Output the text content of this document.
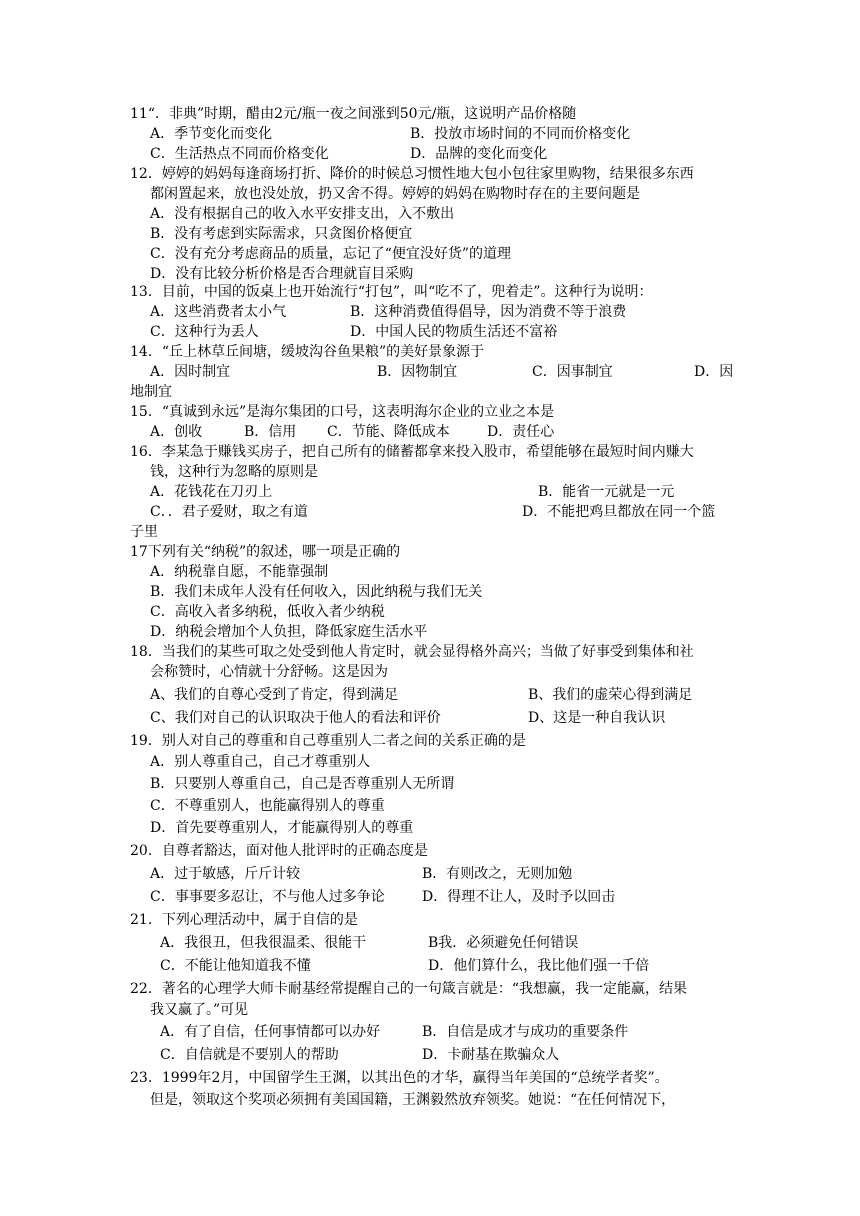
11“．非典”时期，醋由2元/瓶一夜之间涨到50元/瓶，这说明产品价格随
A．季节变化而变化	B．投放市场时间的不同而价格变化
C．生活热点不同而价格变化	D．品牌的变化而变化
12．婷婷的妈妈每逢商场打折、降价的时候总习惯性地大包小包往家里购物，结果很多东西
都闲置起来，放也没处放，扔又舍不得。婷婷的妈妈在购物时存在的主要问题是
A．没有根据自己的收入水平安排支出，入不敷出
B．没有考虑到实际需求，只贪图价格便宜
C．没有充分考虑商品的质量，忘记了“便宜没好货”的道理
D．没有比较分析价格是否合理就盲目采购
13．目前，中国的饭桌上也开始流行“打包”，叫“吃不了，兜着走”。这种行为说明：
A．这些消费者太小气	B．这种消费值得倡导，因为消费不等于浪费
C．这种行为丢人	D．中国人民的物质生活还不富裕
14．“丘上林草丘间塘，缓坡沟谷鱼果粮”的美好景象源于
A．因时制宜	B．因物制宜	C．因事制宜	D．因
地制宜
15．“真诚到永远”是海尔集团的口号，这表明海尔企业的立业之本是
A．创收	B．信用 C．节能、降低成本	D．责任心
16．李某急于赚钱买房子，把自己所有的储蓄都拿来投入股市，希望能够在最短时间内赚大
钱，这种行为忽略的原则是
A．花钱花在刀刃上	B．能省一元就是一元
C．．君子爱财，取之有道	D．不能把鸡旦都放在同一个篮
子里
17下列有关“纳税”的叙述，哪一项是正确的
A．纳税靠自愿，不能靠强制
B．我们未成年人没有任何收入，因此纳税与我们无关
C．高收入者多纳税，低收入者少纳税
D．纳税会增加个人负担，降低家庭生活水平
18．当我们的某些可取之处受到他人肯定时，就会显得格外高兴；当做了好事受到集体和社
会称赞时，心情就十分舒畅。这是因为
A、我们的自尊心受到了肯定，得到满足	B、我们的虚荣心得到满足
C、我们对自己的认识取决于他人的看法和评价	D、这是一种自我认识
19．别人对自己的尊重和自己尊重别人二者之间的关系正确的是
A．别人尊重自己，自己才尊重别人
B．只要别人尊重自己，自己是否尊重别人无所谓
C．不尊重别人，也能赢得别人的尊重
D．首先要尊重别人，才能赢得别人的尊重
20．自尊者豁达，面对他人批评时的正确态度是
A．过于敏感，斤斤计较	B．有则改之，无则加勉
C．事事要多忍让，不与他人过多争论	D．得理不让人，及时予以回击
21．下列心理活动中，属于自信的是
A．我很丑，但我很温柔、很能干	B我．必须避免任何错误
C．不能让他知道我不懂	D．他们算什么，我比他们强一千倍
22．著名的心理学大师卡耐基经常提醒自己的一句箴言就是：“我想赢，我一定能赢，结果
我又赢了。”可见
A．有了自信，任何事情都可以办好	B．自信是成才与成功的重要条件
C．自信就是不要别人的帮助	D．卡耐基在欺骗众人
23．1999年2月，中国留学生王渊，以其出色的才华，赢得当年美国的“总统学者奖”。
但是，领取这个奖项必须拥有美国国籍，王渊毅然放弃领奖。她说：“在任何情况下，
